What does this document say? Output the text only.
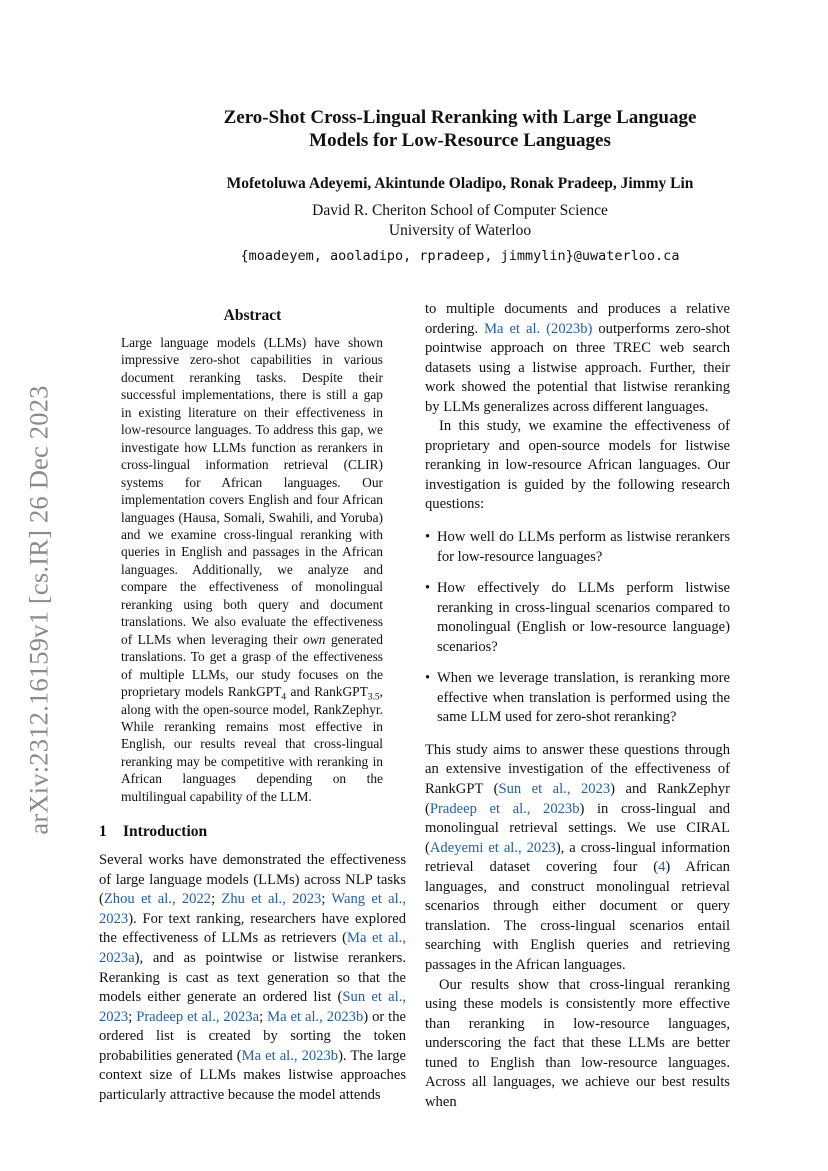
arXiv:2312.16159v1 [cs.IR] 26 Dec 2023
Zero-Shot Cross-Lingual Reranking with Large Language
Models for Low-Resource Languages
Mofetoluwa Adeyemi, Akintunde Oladipo, Ronak Pradeep, Jimmy Lin
David R. Cheriton School of Computer Science
University of Waterloo
{moadeyem, aooladipo, rpradeep, jimmylin}@uwaterloo.ca
Abstract

Large language models (LLMs) have shown impressive zero-shot capabilities in various document reranking tasks. Despite their successful implementations, there is still a gap in existing literature on their effectiveness in low-resource languages. To address this gap, we investigate how LLMs function as rerankers in cross-lingual information retrieval (CLIR) systems for African languages. Our implementation covers English and four African languages (Hausa, Somali, Swahili, and Yoruba) and we examine cross-lingual reranking with queries in English and passages in the African languages. Additionally, we analyze and compare the effectiveness of monolingual reranking using both query and document translations. We also evaluate the effectiveness of LLMs when leveraging their own generated translations. To get a grasp of the effectiveness of multiple LLMs, our study focuses on the proprietary models RankGPT$_4$ and RankGPT$_{3.5}$, along with the open-source model, RankZephyr. While reranking remains most effective in English, our results reveal that cross-lingual reranking may be competitive with reranking in African languages depending on the multilingual capability of the LLM.

1 Introduction

Several works have demonstrated the effectiveness of large language models (LLMs) across NLP tasks (Zhou et al., 2022; Zhu et al., 2023; Wang et al., 2023). For text ranking, researchers have explored the effectiveness of LLMs as retrievers (Ma et al., 2023a), and as pointwise or listwise rerankers. Reranking is cast as text generation so that the models either generate an ordered list (Sun et al., 2023; Pradeep et al., 2023a; Ma et al., 2023b) or the ordered list is created by sorting the token probabilities generated (Ma et al., 2023b). The large context size of LLMs makes listwise approaches particularly attractive because the model attends

to multiple documents and produces a relative ordering. Ma et al. (2023b) outperforms zero-shot pointwise approach on three TREC web search datasets using a listwise approach. Further, their work showed the potential that listwise reranking by LLMs generalizes across different languages.

In this study, we examine the effectiveness of proprietary and open-source models for listwise reranking in low-resource African languages. Our investigation is guided by the following research questions:

• How well do LLMs perform as listwise rerankers for low-resource languages?
• How effectively do LLMs perform listwise reranking in cross-lingual scenarios compared to monolingual (English or low-resource language) scenarios?
• When we leverage translation, is reranking more effective when translation is performed using the same LLM used for zero-shot reranking?

This study aims to answer these questions through an extensive investigation of the effectiveness of RankGPT (Sun et al., 2023) and RankZephyr (Pradeep et al., 2023b) in cross-lingual and monolingual retrieval settings. We use CIRAL (Adeyemi et al., 2023), a cross-lingual information retrieval dataset covering four (4) African languages, and construct monolingual retrieval scenarios through either document or query translation. The cross-lingual scenarios entail searching with English queries and retrieving passages in the African languages.

Our results show that cross-lingual reranking using these models is consistently more effective than reranking in low-resource languages, underscoring the fact that these LLMs are better tuned to English than low-resource languages. Across all languages, we achieve our best results when
